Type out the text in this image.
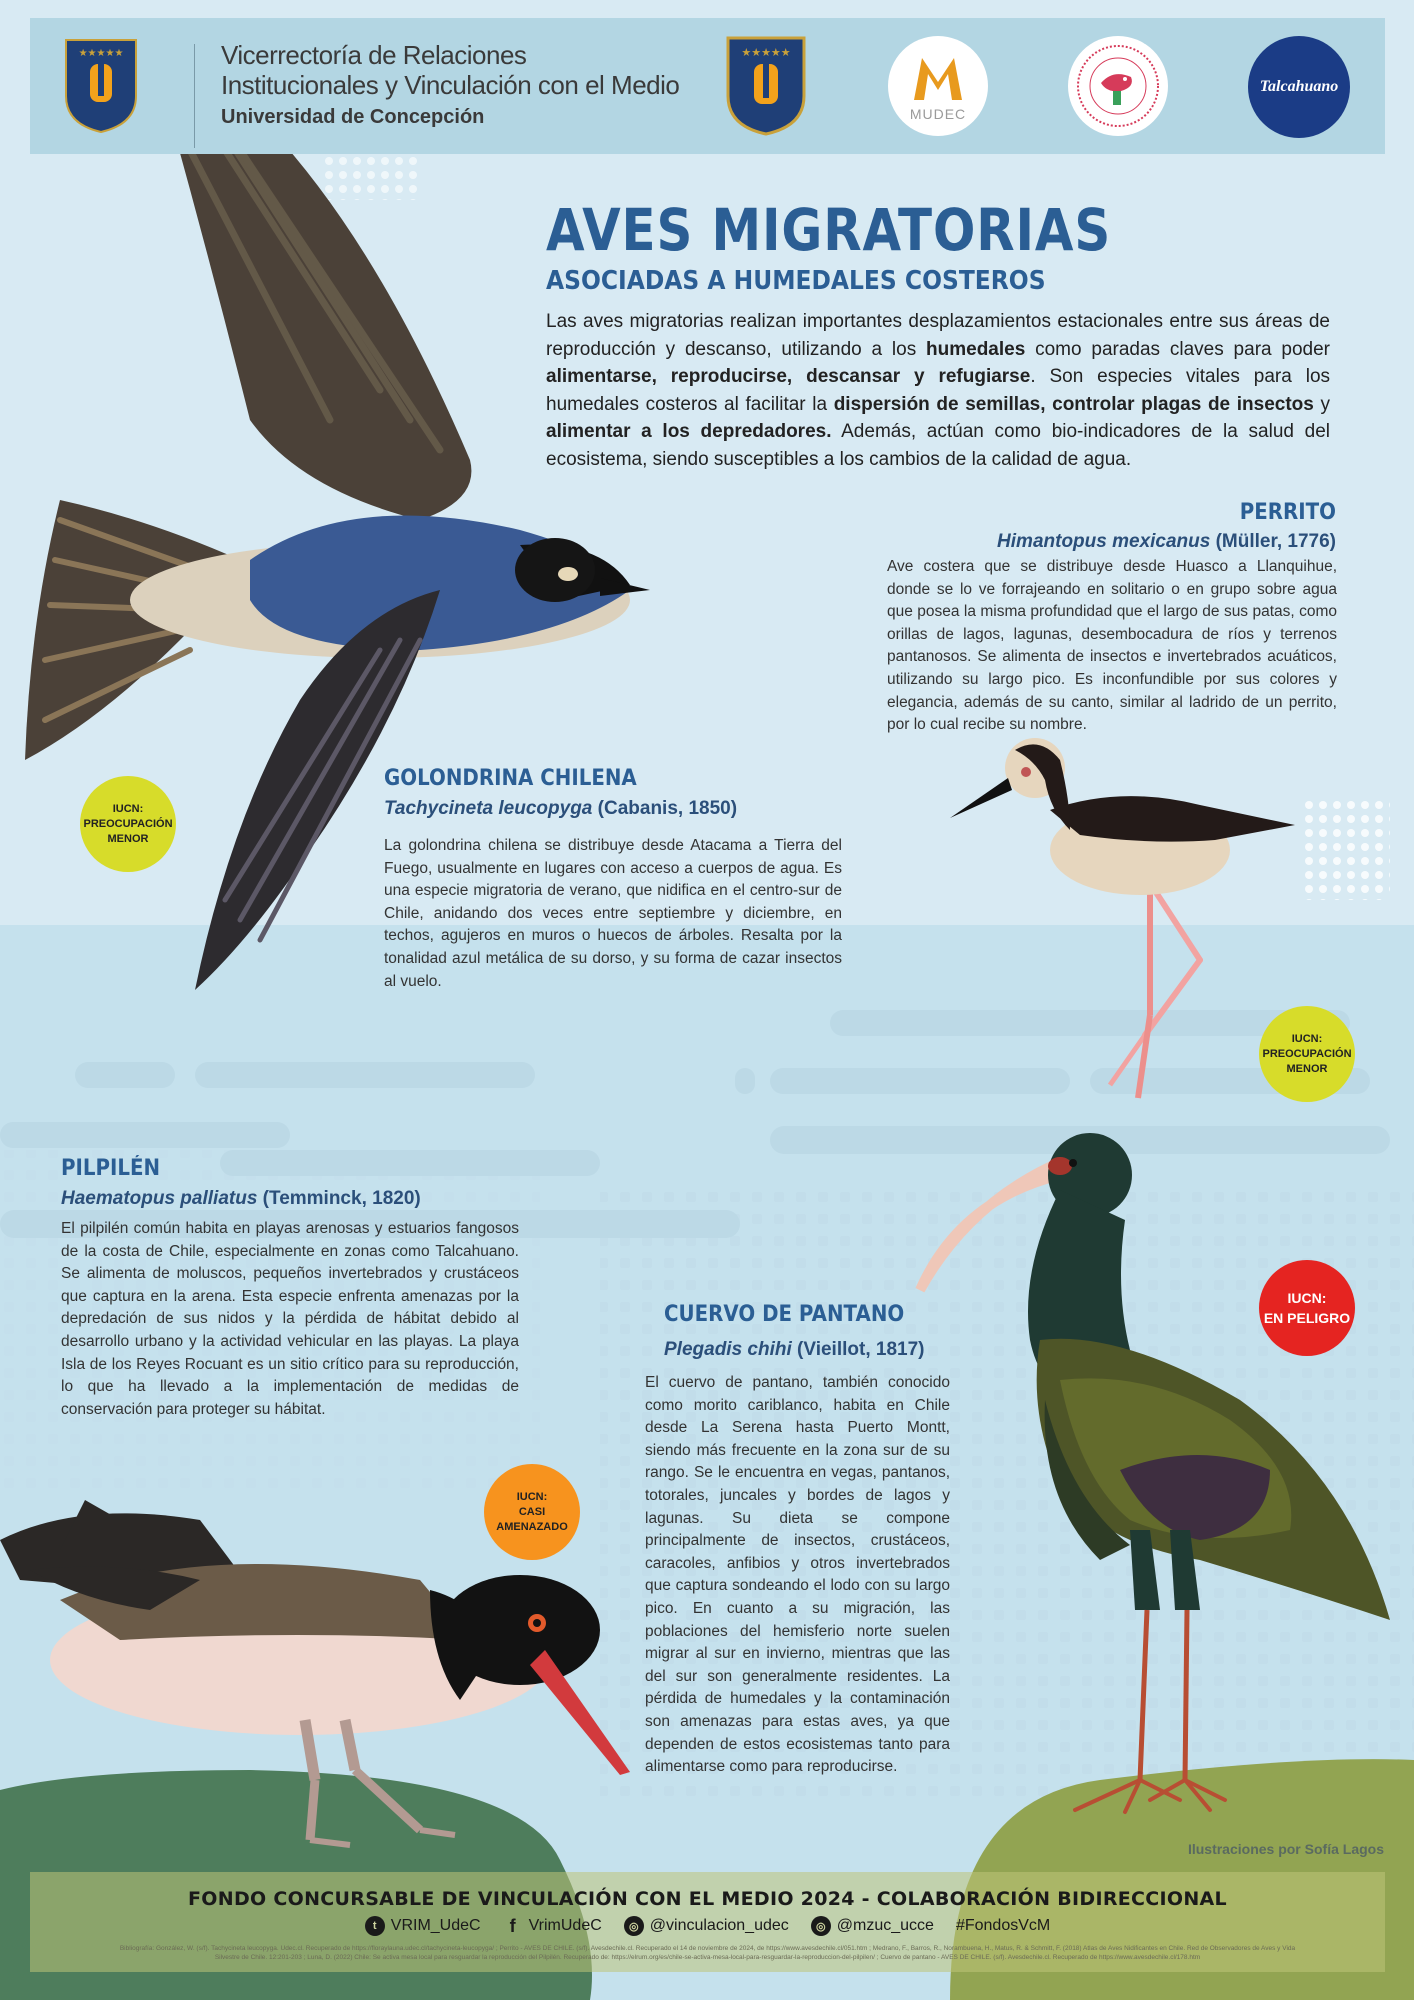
★★★★★	Vicerrectoría de Relaciones
Institucionales y Vinculación con el Medio
Universidad de Concepción
★★★★★
MUDEC
Talcahuano
AVES MIGRATORIAS
ASOCIADAS A HUMEDALES COSTEROS
Las aves migratorias realizan importantes desplazamientos estacionales entre sus áreas de reproducción y descanso, utilizando a los humedales como paradas claves para poder alimentarse, reproducirse, descansar y refugiarse. Son especies vitales para los humedales costeros al facilitar la dispersión de semillas, controlar plagas de insectos y alimentar a los depredadores. Además, actúan como bio-indicadores de la salud del ecosistema, siendo susceptibles a los cambios de la calidad de agua.
PERRITO
Himantopus mexicanus (Müller, 1776)
Ave costera que se distribuye desde Huasco a Llanquihue, donde se lo ve forrajeando en solitario o en grupo sobre agua que posea la misma profundidad que el largo de sus patas, como orillas de lagos, lagunas, desembocadura de ríos y terrenos pantanosos. Se alimenta de insectos e invertebrados acuáticos, utilizando su largo pico. Es inconfundible por sus colores y elegancia, además de su canto, similar al ladrido de un perrito, por lo cual recibe su nombre.
IUCN:
PREOCUPACIÓN
MENOR
GOLONDRINA CHILENA
Tachycineta leucopyga (Cabanis, 1850)
La golondrina chilena se distribuye desde Atacama a Tierra del Fuego, usualmente en lugares con acceso a cuerpos de agua. Es una especie migratoria de verano, que nidifica en el centro-sur de Chile, anidando dos veces entre septiembre y diciembre, en techos, agujeros en muros o huecos de árboles. Resalta por la tonalidad azul metálica de su dorso, y su forma de cazar insectos al vuelo.
IUCN:
PREOCUPACIÓN
MENOR
PILPILÉN
Haematopus palliatus (Temminck, 1820)
El pilpilén común habita en playas arenosas y estuarios fangosos de la costa de Chile, especialmente en zonas como Talcahuano. Se alimenta de moluscos, pequeños invertebrados y crustáceos que captura en la arena. Esta especie enfrenta amenazas por la depredación de sus nidos y la pérdida de hábitat debido al desarrollo urbano y la actividad vehicular en las playas. La playa Isla de los Reyes Rocuant es un sitio crítico para su reproducción, lo que ha llevado a la implementación de medidas de conservación para proteger su hábitat.
IUCN:
CASI
AMENAZADO
CUERVO DE PANTANO
Plegadis chihi (Vieillot, 1817)
El cuervo de pantano, también conocido como morito cariblanco, habita en Chile desde La Serena hasta Puerto Montt, siendo más frecuente en la zona sur de su rango. Se le encuentra en vegas, pantanos, totorales, juncales y bordes de lagos y lagunas. Su dieta se compone principalmente de insectos, crustáceos, caracoles, anfibios y otros invertebrados que captura sondeando el lodo con su largo pico. En cuanto a su migración, las poblaciones del hemisferio norte suelen migrar al sur en invierno, mientras que las del sur son generalmente residentes. La pérdida de humedales y la contaminación son amenazas para estas aves, ya que dependen de estos ecosistemas tanto para alimentarse como para reproducirse.
IUCN:
EN PELIGRO
Ilustraciones por Sofía Lagos
FONDO CONCURSABLE DE VINCULACIÓN CON EL MEDIO 2024 - COLABORACIÓN BIDIRECCIONAL
t VRIM_UdeC	f VrimUdeC	◎ @vinculacion_udec	◎ @mzuc_ucce #FondosVcM
Bibliografía: González, W. (s/f). Tachycineta leucopyga. Udec.cl. Recuperado de https://floraylauna.udec.cl/tachycineta-leucopyga/ ; Perrito - AVES DE CHILE. (s/f). Avesdechile.cl. Recuperado el 14 de noviembre de 2024, de https://www.avesdechile.cl/051.htm ; Medrano, F., Barros, R., Norambuena, H., Matus, R. & Schmitt, F. (2018) Atlas de Aves Nidificantes en Chile. Red de Observadores de Aves y Vida Silvestre de Chile. 12:201-203 ; Luna, D. (2022) Chile: Se activa mesa local para resguardar la reproducción del Pilpilén. Recuperado de: https://elrum.org/es/chile-se-activa-mesa-local-para-resguardar-la-reproduccion-del-pilpilen/ ; Cuervo de pantano - AVES DE CHILE. (s/f). Avesdechile.cl. Recuperado de https://www.avesdechile.cl/178.htm
